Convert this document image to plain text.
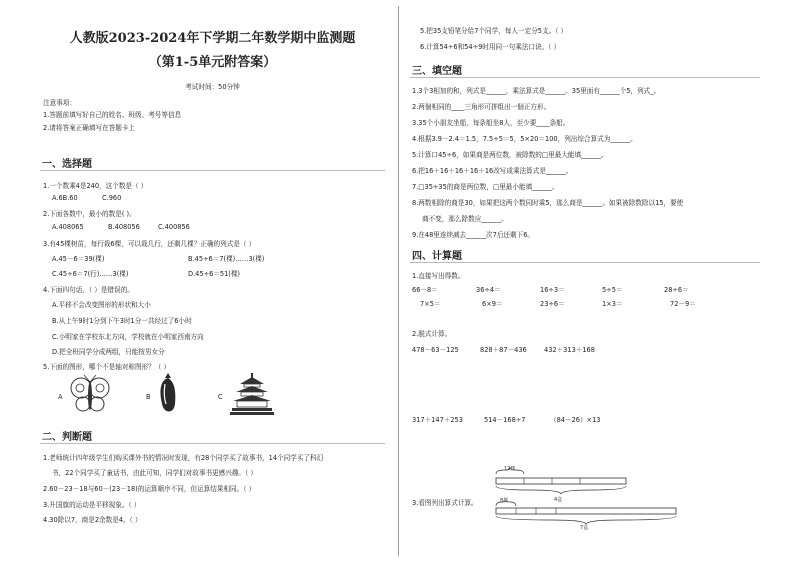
人教版2023-2024年下学期二年数学期中监测题
（第1-5单元附答案）
考试时间：50分钟
注意事项：
1.答题前填写好自己的姓名、班级、考号等信息
2.请将答案正确填写在答题卡上
一、选择题
1.一个数乘4是240，这个数是（ ）
A.6B.60	C.960
2.下面各数中，最小的数是( )。
A.408065	B.408056	C.400856
3.有45棵树苗，每行栽6棵，可以栽几行，还剩几棵？正确的列式是（ ）
A.45－6＝39(棵)	B.45÷6＝7(棵)……3(棵)
C.45÷6＝7(行)……3(棵)	D.45÷6＝51(棵)
4.下面四句话，（ ）是错误的。
A.平移不会改变图形的形状和大小
B.从上午9时1分到下午3时1分一共经过了6小时
C.小明家在学校东北方向，学校就在小明家西南方向
D.把全班同学分成两组，只能按男女分
5.下面的图形，哪个不是轴对称图形？（ ）
A	B	C
二、判断题
1.老师统计四年级学生们购买课外书的情况时发现，有28个同学买了故事书，14个同学买了科幻
书，22个同学买了童话书，由此可知，同学们对故事书更感兴趣。（ ）
2.60－23－18与60－(23－18)的运算顺序不同，但运算结果相同。（ ）
3.升国旗的运动是平移现象。（ ）
4.30除以7，商是2余数是4。（ ）
5.把35支铅笔分给7个同学，每人一定分5支。（ ）
6.计算54÷6和54÷9时用同一句乘法口诀。（ ）
三、填空题
1.3个3相加的和，列式是______，乘法算式是______。35里面有______个5，列式_。
2.两個相同的____三角形可拼组出一個正方形。
3.35个小朋友坐船，每条船坐8人，至少要____条船。
4.根据3.9－2.4＝1.5，7.5÷5＝5，5×20＝100，列出综合算式为______。
5.计算口45÷6，如果商是两位数，被除数的□里最大能填______。
6.把16＋16＋16＋16＋16改写成乘法算式是______。
7.□35÷35的商是两位数，□里最小能填______。
8.两数相除的商是30，如果把这两个数同时乘5，那么商是______。如果被除数除以15，要使
商不变，那么除数应______。
9.在48里连续减去______次7后还剩下6。
四、计算题
1.直接写出得数。
66－8＝	36÷4＝	16÷3＝	5÷5＝	28÷6＝
7×5＝	6×9＝	23÷6＝	1×3＝	72－9＝
2.脱式计算。
478－63－125	828＋87－436	432＋313＋168
317＋147＋253	514－168÷7	（84－26）×13
3.看图列出算式计算。
12棵
4盒
8棵
7盒
